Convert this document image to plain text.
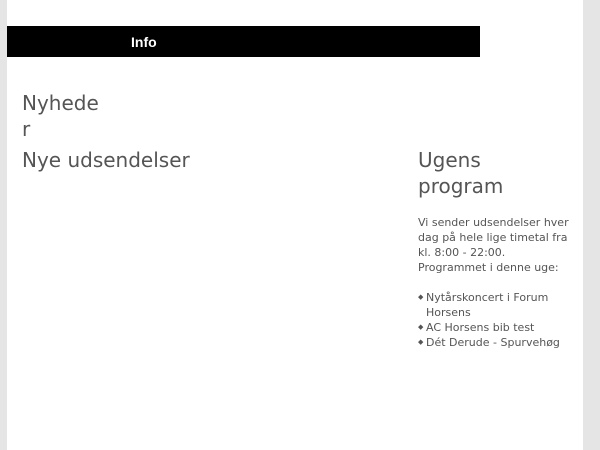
Info
Nyheder
Nye udsendelser	Ugens program

Vi sender udsendelser hver
dag på hele lige timetal fra
kl. 8:00 - 22:00.
Programmet i denne uge:

◆ Nytårskoncert i Forum Horsens
◆ AC Horsens bib test
◆ Dét Derude - Spurvehøg
